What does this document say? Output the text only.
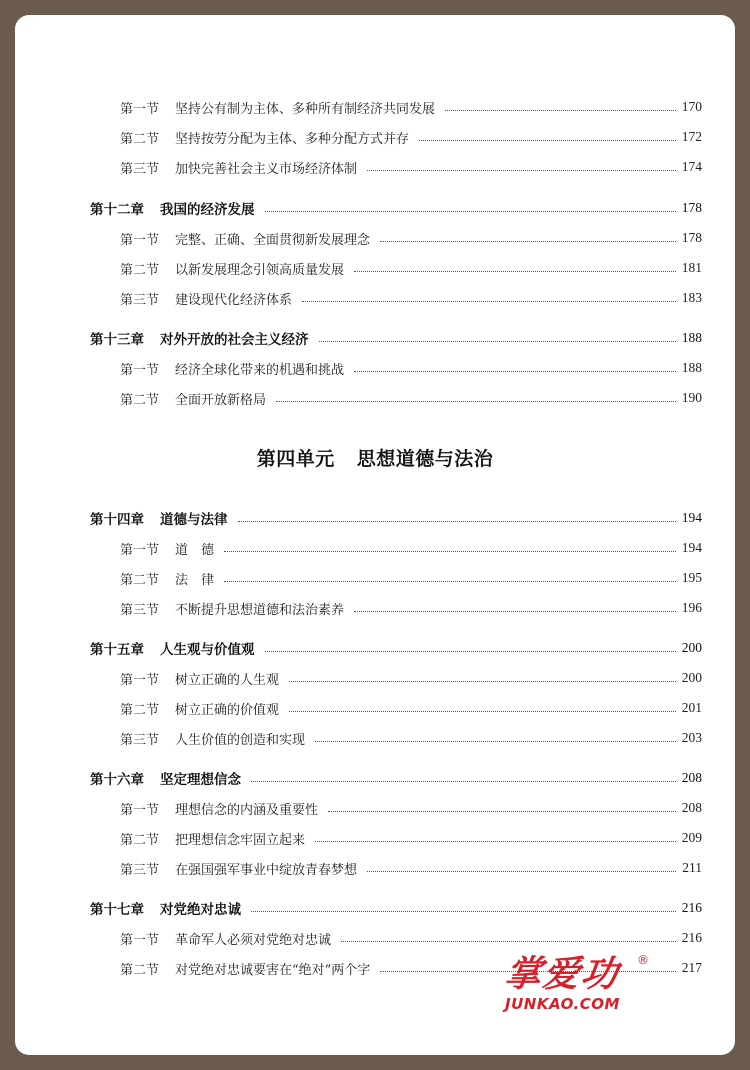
第一节 坚持公有制为主体、多种所有制经济共同发展	170
第二节 坚持按劳分配为主体、多种分配方式并存	172
第三节 加快完善社会主义市场经济体制	174
第十二章 我国的经济发展	178
第一节 完整、正确、全面贯彻新发展理念	178
第二节 以新发展理念引领高质量发展	181
第三节 建设现代化经济体系	183
第十三章 对外开放的社会主义经济	188
第一节 经济全球化带来的机遇和挑战	188
第二节 全面开放新格局	190
第十四章 道德与法律	194
第一节 道　德	194
第二节 法　律	195
第三节 不断提升思想道德和法治素养	196
第十五章 人生观与价值观	200
第一节 树立正确的人生观	200
第二节 树立正确的价值观	201
第三节 人生价值的创造和实现	203
第十六章 坚定理想信念	208
第一节 理想信念的内涵及重要性	208
第二节 把理想信念牢固立起来	209
第三节 在强国强军事业中绽放青春梦想	211
第十七章 对党绝对忠诚	216
第一节 革命军人必须对党绝对忠诚	216
第二节 对党绝对忠诚要害在“绝对”两个字	217
第四单元 思想道德与法治
掌爱功 ®
JUNKAO.COM
